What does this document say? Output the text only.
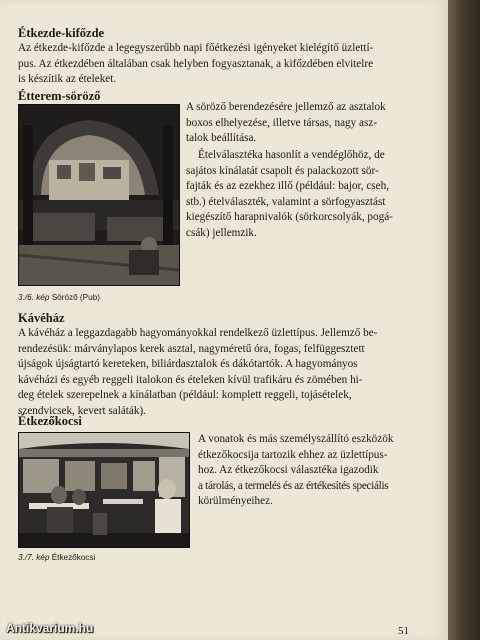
Étkezde-kifőzde
Az étkezde-kifőzde a legegyszerűbb napi főétkezési igényeket kielégítő üzlettí-
pus. Az étkezdében általában csak helyben fogyasztanak, a kifőzdében elvitelre
is készítik az ételeket.
Étterem-söröző
3./6. kép Söröző (Pub)
A söröző berendezésére jellemző az asztalok
boxos elhelyezése, illetve társas, nagy asz-
talok beállítása.
Ételválasztéka hasonlít a vendéglőhöz, de
sajátos kínálatát csapolt és palackozott sör-
fajták és az ezekhez illő (például: bajor, cseh,
stb.) ételválaszték, valamint a sörfogyasztást
kiegészítő harapnivalók (sörkorcsolyák, pogá-
csák) jellemzik.
Kávéház
A kávéház a leggazdagabb hagyományokkal rendelkező üzlettípus. Jellemző be-
rendezésük: márványlapos kerek asztal, nagyméretű óra, fogas, felfüggesztett
újságok újságtartó kereteken, biliárdasztalok és dákótartók. A hagyományos
kávéházi és egyéb reggeli italokon és ételeken kívül trafikáru és zömében hi-
deg ételek szerepelnek a kínálatban (például: komplett reggeli, tojásételek,
szendvicsek, kevert saláták).
Étkezőkocsi
3./7. kép Étkezőkocsi
A vonatok és más személyszállító eszközök
étkezőkocsija tartozik ehhez az üzlettípus-
hoz. Az étkezőkocsi választéka igazodik
a tárolás, a termelés és az értékesítés speciális
körülményeihez.
51
Antikvarium.hu
